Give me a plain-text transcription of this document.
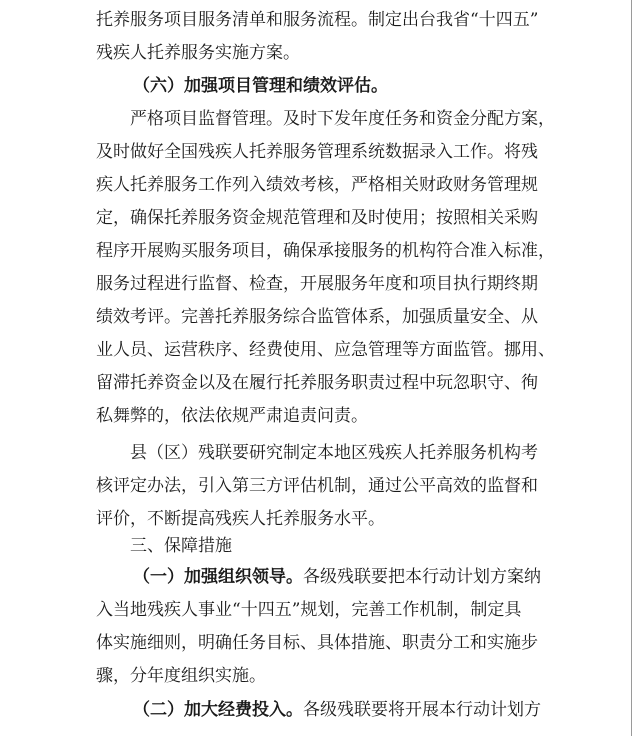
托养服务项目服务清单和服务流程。制定出台我省“十四五”
残疾人托养服务实施方案。
（六）加强项目管理和绩效评估。
严格项目监督管理。及时下发年度任务和资金分配方案，
及时做好全国残疾人托养服务管理系统数据录入工作。将残
疾人托养服务工作列入绩效考核，严格相关财政财务管理规
定，确保托养服务资金规范管理和及时使用；按照相关采购
程序开展购买服务项目，确保承接服务的机构符合准入标准，
服务过程进行监督、检查，开展服务年度和项目执行期终期
绩效考评。完善托养服务综合监管体系，加强质量安全、从
业人员、运营秩序、经费使用、应急管理等方面监管。挪用、
留滞托养资金以及在履行托养服务职责过程中玩忽职守、徇
私舞弊的，依法依规严肃追责问责。
县（区）残联要研究制定本地区残疾人托养服务机构考
核评定办法，引入第三方评估机制，通过公平高效的监督和
评价，不断提高残疾人托养服务水平。
三、保障措施
（一）加强组织领导。各级残联要把本行动计划方案纳
入当地残疾人事业“十四五”规划，完善工作机制，制定具
体实施细则，明确任务目标、具体措施、职责分工和实施步
骤，分年度组织实施。
（二）加大经费投入。各级残联要将开展本行动计划方
